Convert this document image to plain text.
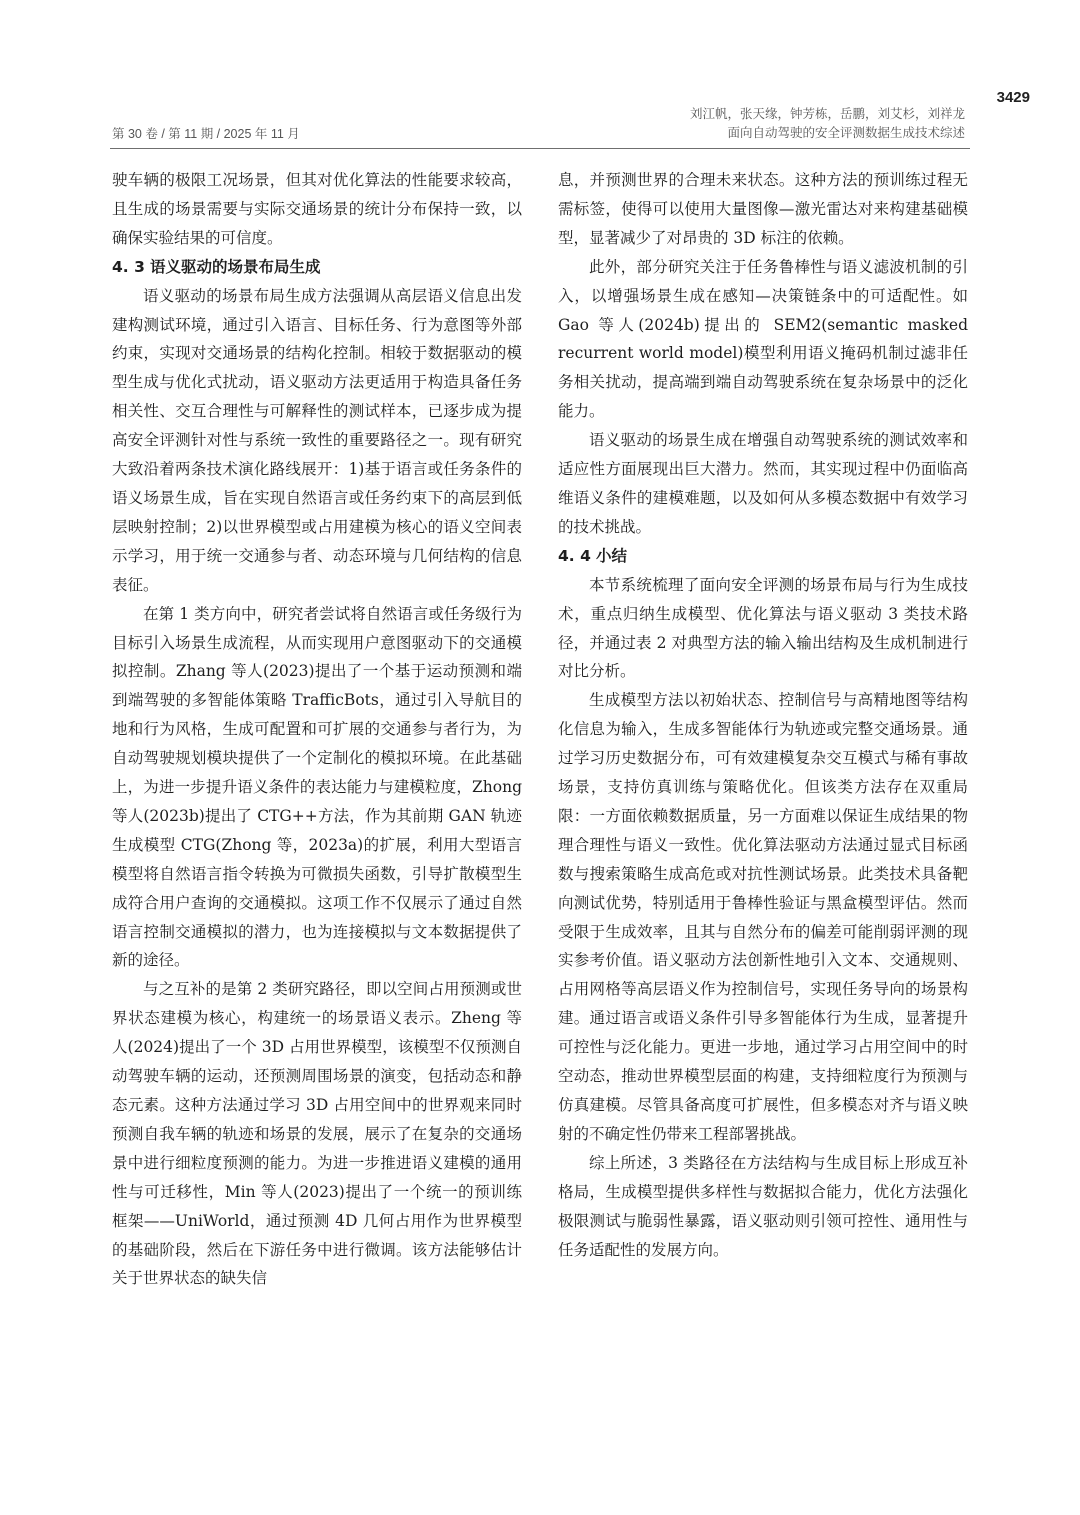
3429
第 30 卷 / 第 11 期 / 2025 年 11 月
刘江帆，张天缘，钟芳栋，岳鹏，刘艾杉，刘祥龙
面向自动驾驶的安全评测数据生成技术综述

驶车辆的极限工况场景，但其对优化算法的性能要求较高，且生成的场景需要与实际交通场景的统计分布保持一致，以确保实验结果的可信度。

4. 3 语义驱动的场景布局生成

语义驱动的场景布局生成方法强调从高层语义信息出发建构测试环境，通过引入语言、目标任务、行为意图等外部约束，实现对交通场景的结构化控制。相较于数据驱动的模型生成与优化式扰动，语义驱动方法更适用于构造具备任务相关性、交互合理性与可解释性的测试样本，已逐步成为提高安全评测针对性与系统一致性的重要路径之一。现有研究大致沿着两条技术演化路线展开：1)基于语言或任务条件的语义场景生成，旨在实现自然语言或任务约束下的高层到低层映射控制；2)以世界模型或占用建模为核心的语义空间表示学习，用于统一交通参与者、动态环境与几何结构的信息表征。

在第 1 类方向中，研究者尝试将自然语言或任务级行为目标引入场景生成流程，从而实现用户意图驱动下的交通模拟控制。Zhang 等人(2023)提出了一个基于运动预测和端到端驾驶的多智能体策略 TrafficBots，通过引入导航目的地和行为风格，生成可配置和可扩展的交通参与者行为，为自动驾驶规划模块提供了一个定制化的模拟环境。在此基础上，为进一步提升语义条件的表达能力与建模粒度，Zhong 等人(2023b)提出了 CTG++方法，作为其前期 GAN 轨迹生成模型 CTG(Zhong 等，2023a)的扩展，利用大型语言模型将自然语言指令转换为可微损失函数，引导扩散模型生成符合用户查询的交通模拟。这项工作不仅展示了通过自然语言控制交通模拟的潜力，也为连接模拟与文本数据提供了新的途径。

与之互补的是第 2 类研究路径，即以空间占用预测或世界状态建模为核心，构建统一的场景语义表示。Zheng 等人(2024)提出了一个 3D 占用世界模型，该模型不仅预测自动驾驶车辆的运动，还预测周围场景的演变，包括动态和静态元素。这种方法通过学习 3D 占用空间中的世界观来同时预测自我车辆的轨迹和场景的发展，展示了在复杂的交通场景中进行细粒度预测的能力。为进一步推进语义建模的通用性与可迁移性，Min 等人(2023)提出了一个统一的预训练框架——UniWorld，通过预测 4D 几何占用作为世界模型的基础阶段，然后在下游任务中进行微调。该方法能够估计关于世界状态的缺失信

息，并预测世界的合理未来状态。这种方法的预训练过程无需标签，使得可以使用大量图像—激光雷达对来构建基础模型，显著减少了对昂贵的 3D 标注的依赖。

此外，部分研究关注于任务鲁棒性与语义滤波机制的引入，以增强场景生成在感知—决策链条中的可适配性。如 Gao 等人(2024b)提出的 SEM2(semantic masked recurrent world model)模型利用语义掩码机制过滤非任务相关扰动，提高端到端自动驾驶系统在复杂场景中的泛化能力。

语义驱动的场景生成在增强自动驾驶系统的测试效率和适应性方面展现出巨大潜力。然而，其实现过程中仍面临高维语义条件的建模难题，以及如何从多模态数据中有效学习的技术挑战。

4. 4 小结

本节系统梳理了面向安全评测的场景布局与行为生成技术，重点归纳生成模型、优化算法与语义驱动 3 类技术路径，并通过表 2 对典型方法的输入输出结构及生成机制进行对比分析。

生成模型方法以初始状态、控制信号与高精地图等结构化信息为输入，生成多智能体行为轨迹或完整交通场景。通过学习历史数据分布，可有效建模复杂交互模式与稀有事故场景，支持仿真训练与策略优化。但该类方法存在双重局限：一方面依赖数据质量，另一方面难以保证生成结果的物理合理性与语义一致性。优化算法驱动方法通过显式目标函数与搜索策略生成高危或对抗性测试场景。此类技术具备靶向测试优势，特别适用于鲁棒性验证与黑盒模型评估。然而受限于生成效率，且其与自然分布的偏差可能削弱评测的现实参考价值。语义驱动方法创新性地引入文本、交通规则、占用网格等高层语义作为控制信号，实现任务导向的场景构建。通过语言或语义条件引导多智能体行为生成，显著提升可控性与泛化能力。更进一步地，通过学习占用空间中的时空动态，推动世界模型层面的构建，支持细粒度行为预测与仿真建模。尽管具备高度可扩展性，但多模态对齐与语义映射的不确定性仍带来工程部署挑战。

综上所述，3 类路径在方法结构与生成目标上形成互补格局，生成模型提供多样性与数据拟合能力，优化方法强化极限测试与脆弱性暴露，语义驱动则引领可控性、通用性与任务适配性的发展方向。
